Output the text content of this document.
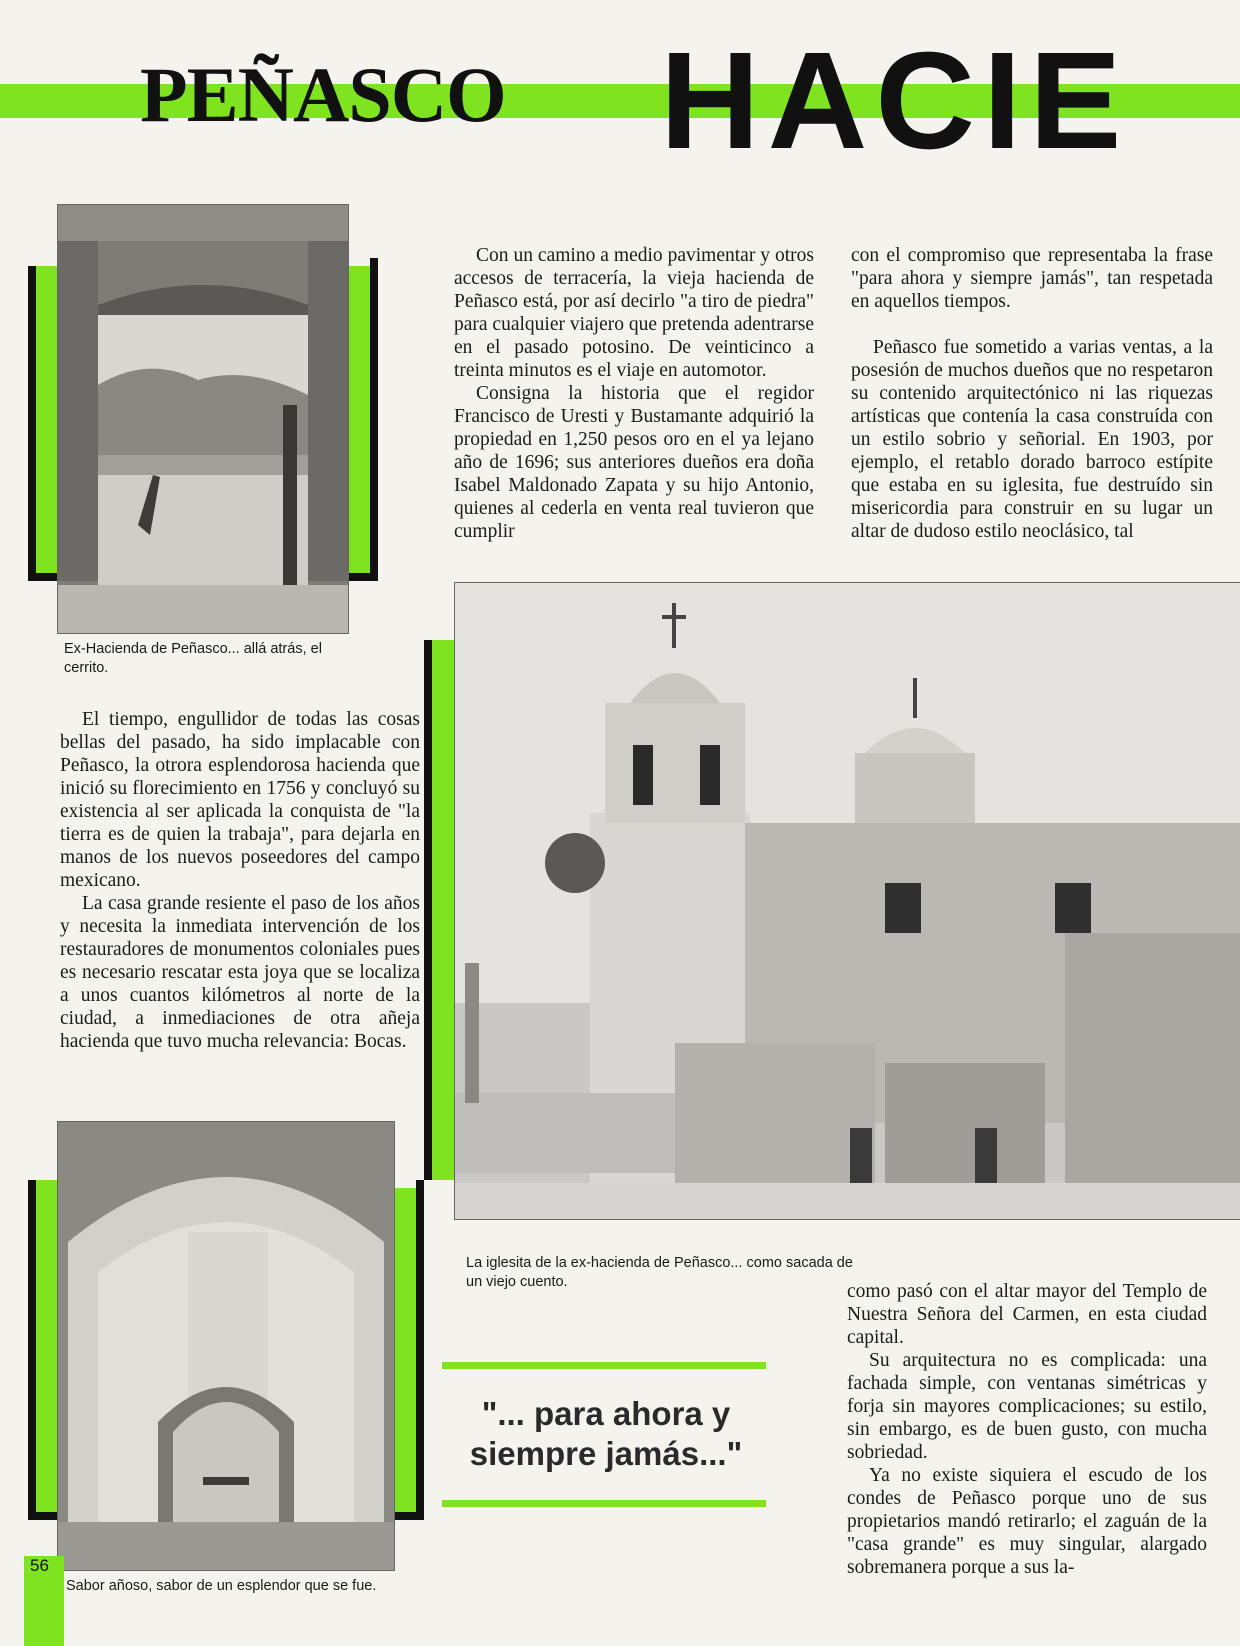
PEÑASCO HACIE

Ex-Hacienda de Peñasco... allá atrás, el cerrito.

Con un camino a medio pavimentar y otros accesos de terracería, la vieja hacienda de Peñasco está, por así decirlo "a tiro de piedra" para cualquier viajero que pretenda adentrarse en el pasado potosino. De veinticinco a treinta minutos es el viaje en automotor.

Consigna la historia que el regidor Francisco de Uresti y Bustamante adquirió la propiedad en 1,250 pesos oro en el ya lejano año de 1696; sus anteriores dueños era doña Isabel Maldonado Zapata y su hijo Antonio, quienes al cederla en venta real tuvieron que cumplir

con el compromiso que representaba la frase "para ahora y siempre jamás", tan respetada en aquellos tiempos.

Peñasco fue sometido a varias ventas, a la posesión de muchos dueños que no respetaron su contenido arquitectónico ni las riquezas artísticas que contenía la casa construída con un estilo sobrio y señorial. En 1903, por ejemplo, el retablo dorado barroco estípite que estaba en su iglesita, fue destruído sin misericordia para construir en su lugar un altar de dudoso estilo neoclásico, tal

La iglesita de la ex-hacienda de Peñasco... como sacada de un viejo cuento.

El tiempo, engullidor de todas las cosas bellas del pasado, ha sido implacable con Peñasco, la otrora esplendorosa hacienda que inició su florecimiento en 1756 y concluyó su existencia al ser aplicada la conquista de "la tierra es de quien la trabaja", para dejarla en manos de los nuevos poseedores del campo mexicano.

La casa grande resiente el paso de los años y necesita la inmediata intervención de los restauradores de monumentos coloniales pues es necesario rescatar esta joya que se localiza a unos cuantos kilómetros al norte de la ciudad, a inmediaciones de otra añeja hacienda que tuvo mucha relevancia: Bocas.

Sabor añoso, sabor de un esplendor que se fue.

56

"... para ahora y siempre jamás..."

como pasó con el altar mayor del Templo de Nuestra Señora del Carmen, en esta ciudad capital.

Su arquitectura no es complicada: una fachada simple, con ventanas simétricas y forja sin mayores complicaciones; su estilo, sin embargo, es de buen gusto, con mucha sobriedad.

Ya no existe siquiera el escudo de los condes de Peñasco porque uno de sus propietarios mandó retirarlo; el zaguán de la "casa grande" es muy singular, alargado sobremanera porque a sus la-
